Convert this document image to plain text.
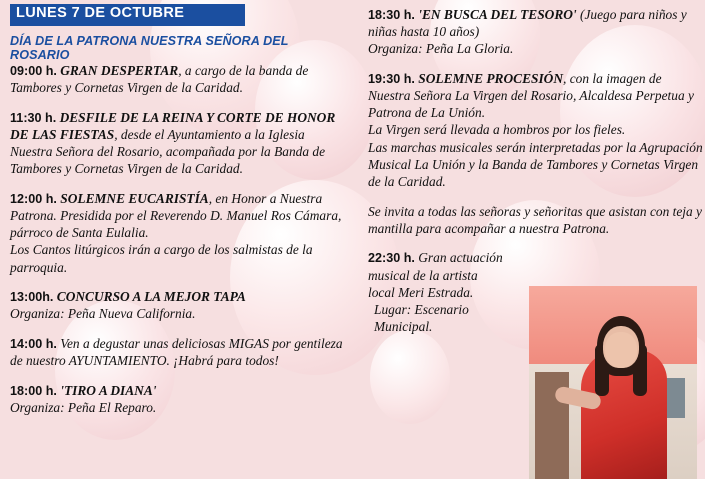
LUNES 7 DE OCTUBRE
DÍA DE LA PATRONA NUESTRA SEÑORA DEL ROSARIO
09:00 h. GRAN DESPERTAR, a cargo de la banda de Tambores y Cornetas Virgen de la Caridad.
11:30 h. DESFILE DE LA REINA Y CORTE DE HONOR DE LAS FIESTAS, desde el Ayuntamiento a la Iglesia Nuestra Señora del Rosario, acompañada por la Banda de Tambores y Cornetas Virgen de la Caridad.
12:00 h. SOLEMNE EUCARISTÍA, en Honor a Nuestra Patrona. Presidida por el Reverendo D. Manuel Ros Cámara, párroco de Santa Eulalia.
Los Cantos litúrgicos irán a cargo de los salmistas de la parroquia.
13:00h. CONCURSO A LA MEJOR TAPA
Organiza: Peña Nueva California.
14:00 h. Ven a degustar unas deliciosas MIGAS por gentileza de nuestro AYUNTAMIENTO. ¡Habrá para todos!
18:00 h. 'TIRO A DIANA'
Organiza: Peña El Reparo.
18:30 h. 'EN BUSCA DEL TESORO' (Juego para niños y niñas hasta 10 años)
Organiza: Peña La Gloria.
19:30 h. SOLEMNE PROCESIÓN, con la imagen de Nuestra Señora La Virgen del Rosario, Alcaldesa Perpetua y Patrona de La Unión.
La Virgen será llevada a hombros por los fieles.
Las marchas musicales serán interpretadas por la Agrupación Musical La Unión y la Banda de Tambores y Cornetas Virgen de la Caridad.
Se invita a todas las señoras y señoritas que asistan con teja y mantilla para acompañar a nuestra Patrona.
22:30 h. Gran actuación
musical de la artista
local Meri Estrada.
Lugar: Escenario
Municipal.
